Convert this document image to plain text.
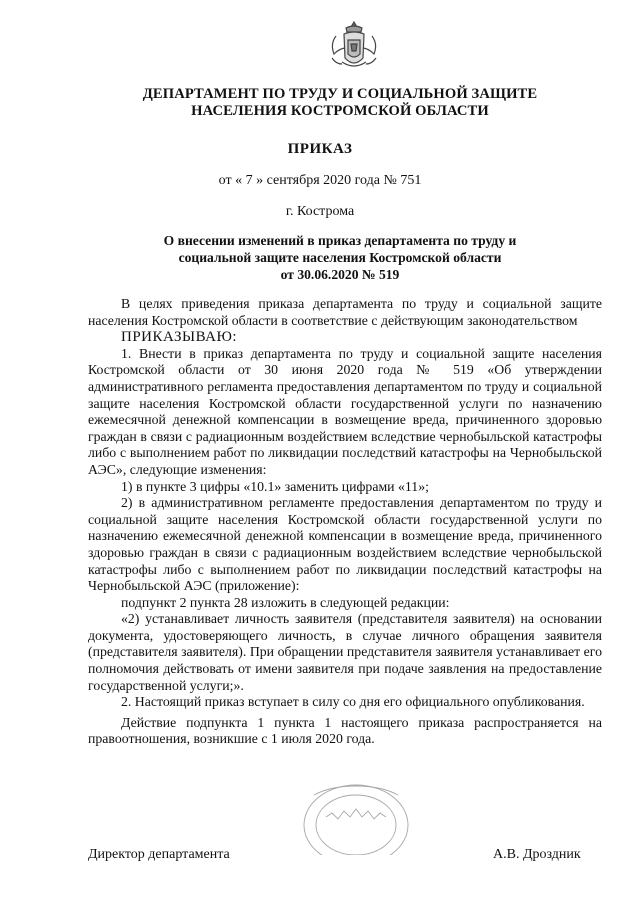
ДЕПАРТАМЕНТ ПО ТРУДУ И СОЦИАЛЬНОЙ ЗАЩИТЕ
НАСЕЛЕНИЯ КОСТРОМСКОЙ ОБЛАСТИ
ПРИКАЗ
от « 7 » сентября 2020 года № 751
г. Кострома
О внесении изменений в приказ департамента по труду и
социальной защите населения Костромской области
от 30.06.2020 № 519

В целях приведения приказа департамента по труду и социальной защите населения Костромской области в соответствие с действующим законодательством

ПРИКАЗЫВАЮ:

1. Внести в приказ департамента по труду и социальной защите населения Костромской области от 30 июня 2020 года № 519 «Об утверждении административного регламента предоставления департаментом по труду и социальной защите населения Костромской области государственной услуги по назначению ежемесячной денежной компенсации в возмещение вреда, причиненного здоровью граждан в связи с радиационным воздействием вследствие чернобыльской катастрофы либо с выполнением работ по ликвидации последствий катастрофы на Чернобыльской АЭС», следующие изменения:

1) в пункте 3 цифры «10.1» заменить цифрами «11»;

2) в административном регламенте предоставления департаментом по труду и социальной защите населения Костромской области государственной услуги по назначению ежемесячной денежной компенсации в возмещение вреда, причиненного здоровью граждан в связи с радиационным воздействием вследствие чернобыльской катастрофы либо с выполнением работ по ликвидации последствий катастрофы на Чернобыльской АЭС (приложение):

подпункт 2 пункта 28 изложить в следующей редакции:

«2) устанавливает личность заявителя (представителя заявителя) на основании документа, удостоверяющего личность, в случае личного обращения заявителя (представителя заявителя). При обращении представителя заявителя устанавливает его полномочия действовать от имени заявителя при подаче заявления на предоставление государственной услуги;».

2. Настоящий приказ вступает в силу со дня его официального опубликования.

Действие подпункта 1 пункта 1 настоящего приказа распространяется на правоотношения, возникшие с 1 июля 2020 года.

Директор департамента	А.В. Дроздник
